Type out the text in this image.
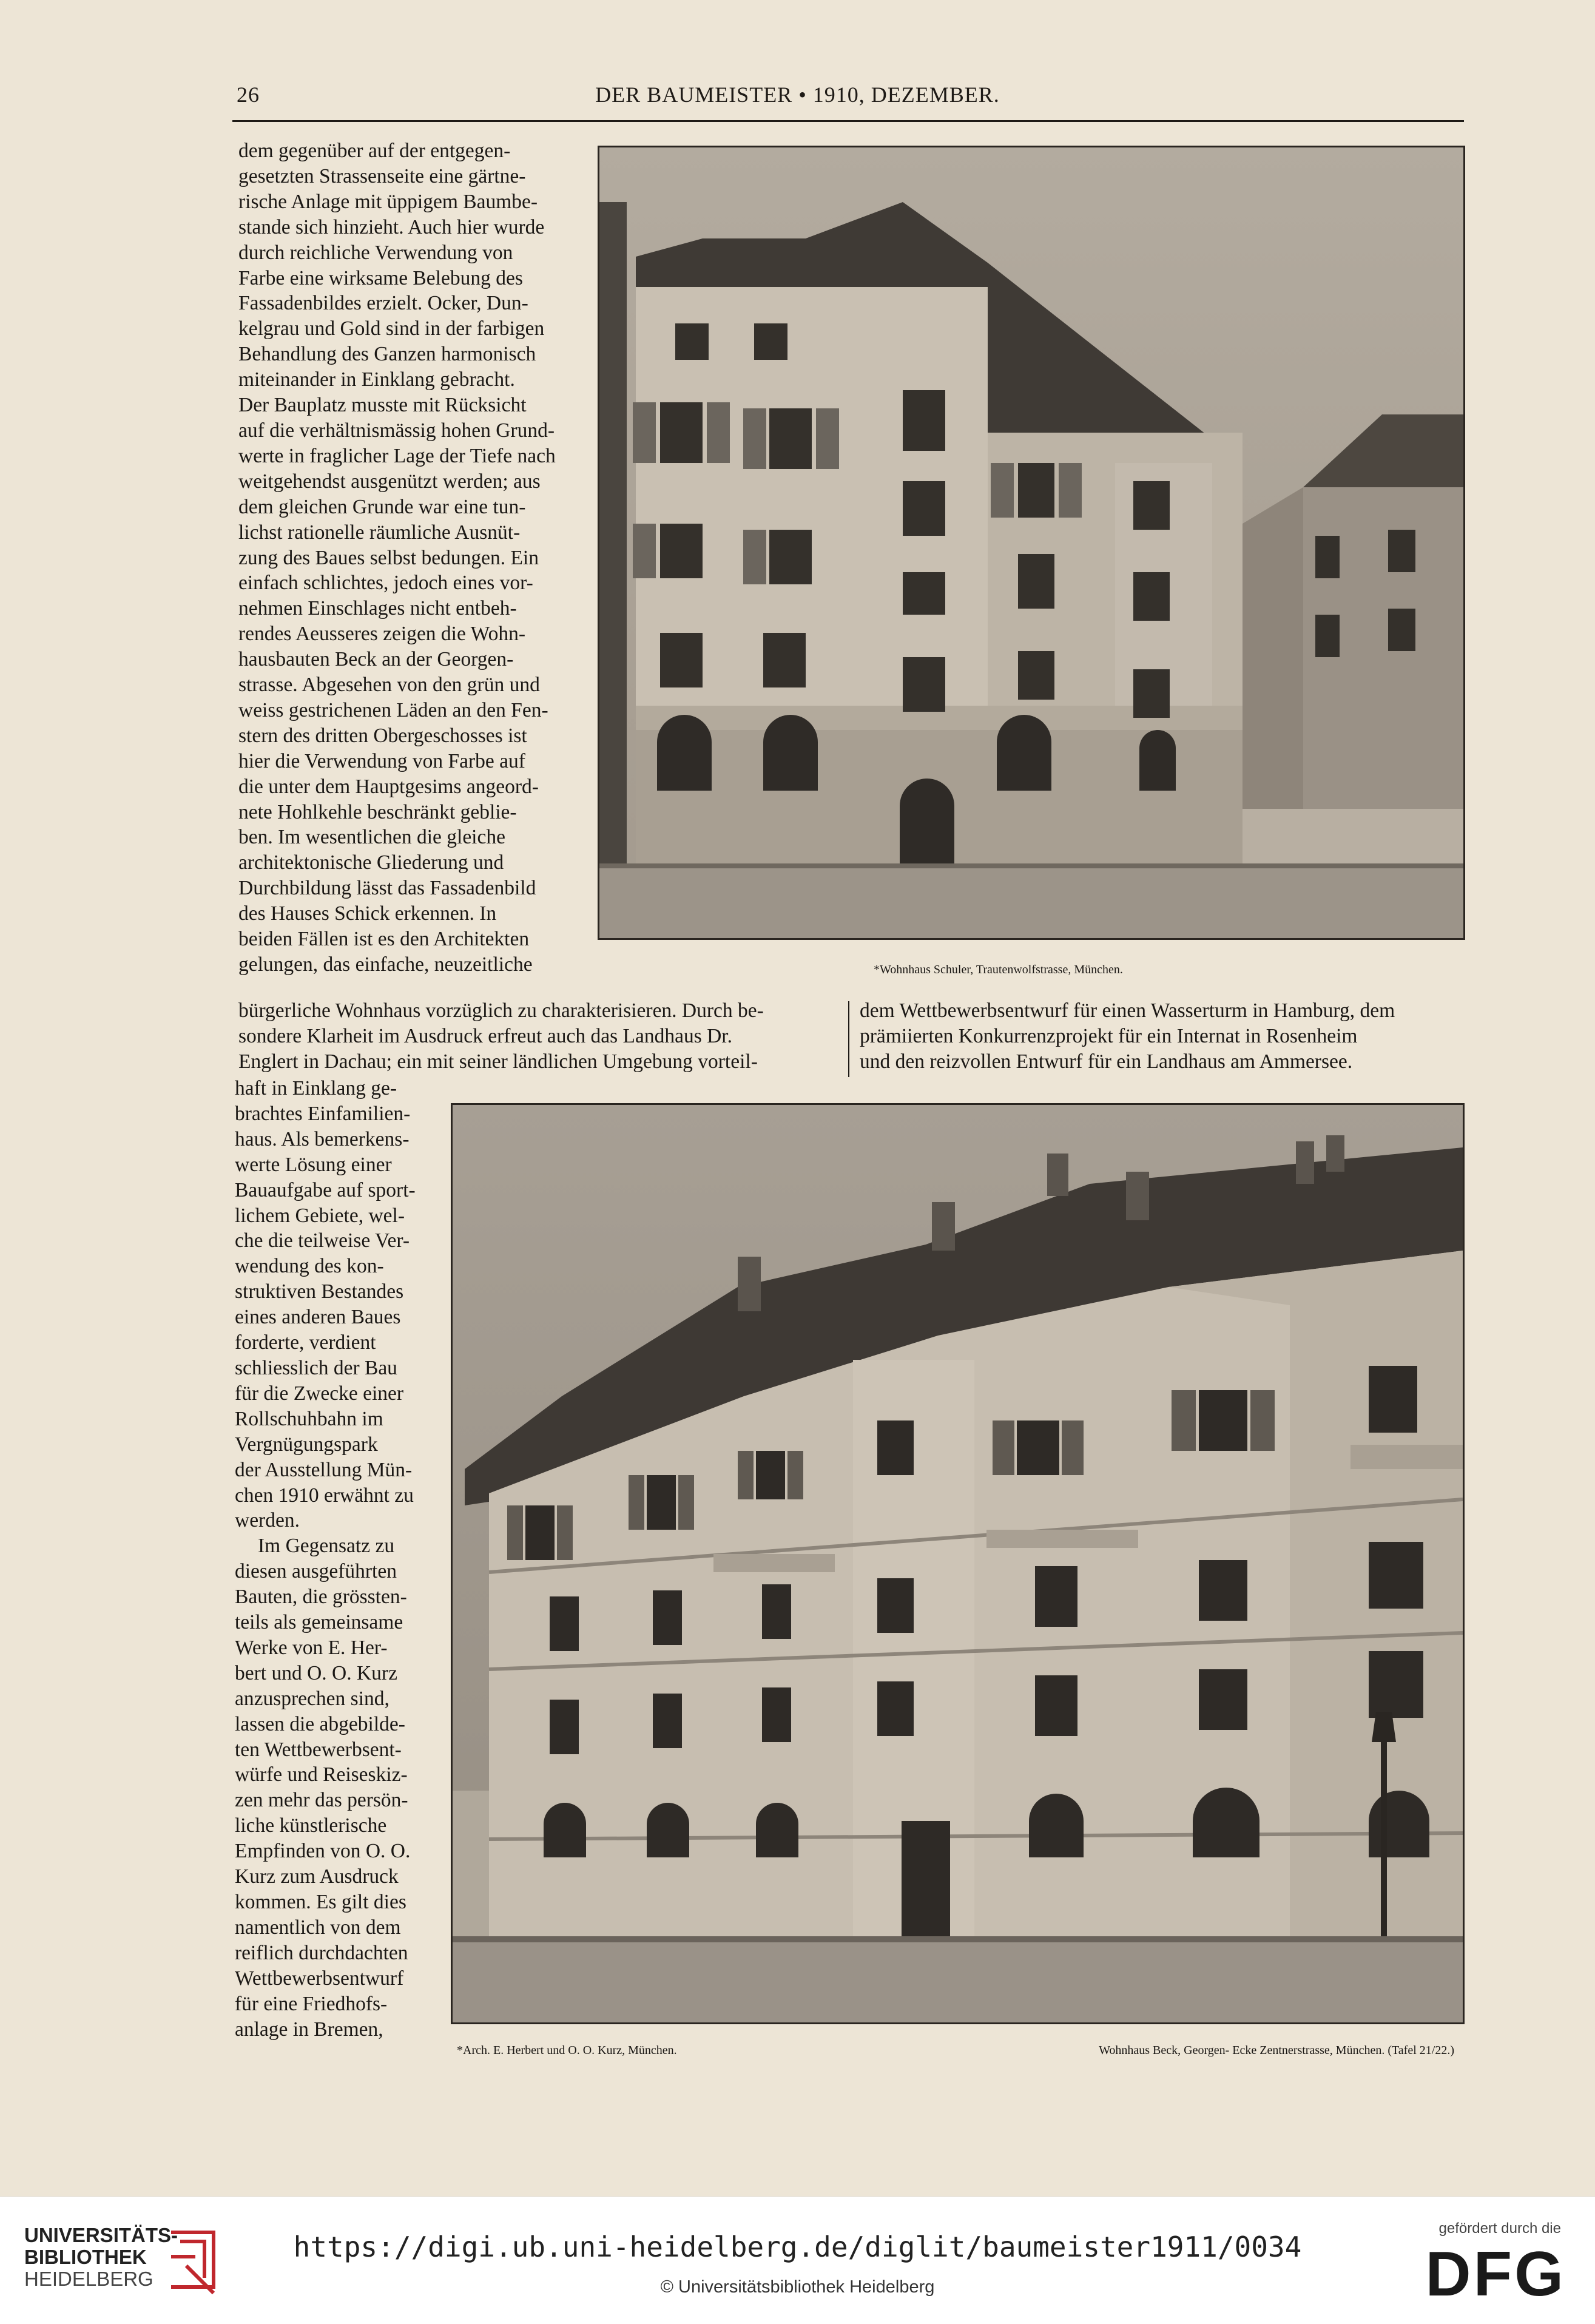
26	DER BAUMEISTER • 1910, DEZEMBER.
dem gegenüber auf der entgegen-
gesetzten Strassenseite eine gärtne-
rische Anlage mit üppigem Baumbe-
stande sich hinzieht. Auch hier wurde
durch reichliche Verwendung von
Farbe eine wirksame Belebung des
Fassadenbildes erzielt. Ocker, Dun-
kelgrau und Gold sind in der farbigen
Behandlung des Ganzen harmonisch
miteinander in Einklang gebracht.
Der Bauplatz musste mit Rücksicht
auf die verhältnismässig hohen Grund-
werte in fraglicher Lage der Tiefe nach
weitgehendst ausgenützt werden; aus
dem gleichen Grunde war eine tun-
lichst rationelle räumliche Ausnüt-
zung des Baues selbst bedungen. Ein
einfach schlichtes, jedoch eines vor-
nehmen Einschlages nicht entbeh-
rendes Aeusseres zeigen die Wohn-
hausbauten Beck an der Georgen-
strasse. Abgesehen von den grün und
weiss gestrichenen Läden an den Fen-
stern des dritten Obergeschosses ist
hier die Verwendung von Farbe auf
die unter dem Hauptgesims angeord-
nete Hohlkehle beschränkt geblie-
ben. Im wesentlichen die gleiche
architektonische Gliederung und
Durchbildung lässt das Fassadenbild
des Hauses Schick erkennen. In
beiden Fällen ist es den Architekten
gelungen, das einfache, neuzeitliche	*Wohnhaus Schuler, Trautenwolfstrasse, München.
bürgerliche Wohnhaus vorzüglich zu charakterisieren. Durch be-
sondere Klarheit im Ausdruck erfreut auch das Landhaus Dr.
Englert in Dachau; ein mit seiner ländlichen Umgebung vorteil-
dem Wettbewerbsentwurf für einen Wasserturm in Hamburg, dem
prämiierten Konkurrenzprojekt für ein Internat in Rosenheim
und den reizvollen Entwurf für ein Landhaus am Ammersee.
haft in Einklang ge-
brachtes Einfamilien-
haus. Als bemerkens-
werte Lösung einer
Bauaufgabe auf sport-
lichem Gebiete, wel-
che die teilweise Ver-
wendung des kon-
struktiven Bestandes
eines anderen Baues
forderte, verdient
schliesslich der Bau
für die Zwecke einer
Rollschuhbahn im
Vergnügungspark
der Ausstellung Mün-
chen 1910 erwähnt zu
werden.
Im Gegensatz zu
diesen ausgeführten
Bauten, die grössten-
teils als gemeinsame
Werke von E. Her-
bert und O. O. Kurz
anzusprechen sind,
lassen die abgebilde-
ten Wettbewerbsent-
würfe und Reiseskiz-
zen mehr das persön-
liche künstlerische
Empfinden von O. O.
Kurz zum Ausdruck
kommen. Es gilt dies
namentlich von dem
reiflich durchdachten
Wettbewerbsentwurf
für eine Friedhofs-
anlage in Bremen,
*Arch. E. Herbert und O. O. Kurz, München.	Wohnhaus Beck, Georgen- Ecke Zentnerstrasse, München. (Tafel 21/22.)
UNIVERSITÄTS-
BIBLIOTHEK
HEIDELBERG
https://digi.ub.uni-heidelberg.de/diglit/baumeister1911/0034
© Universitätsbibliothek Heidelberg
gefördert durch die
DFG
